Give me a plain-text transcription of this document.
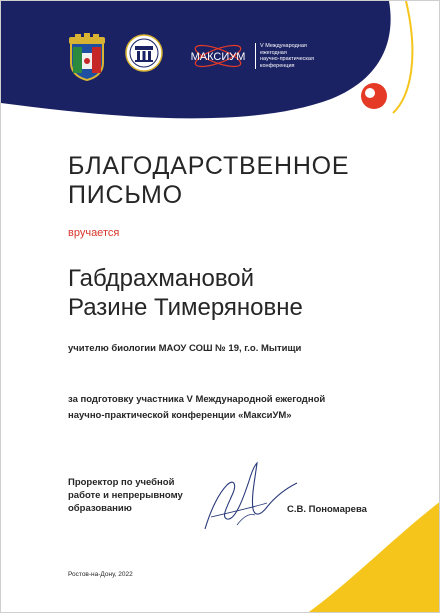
МАКСИУМ
V Международная
ежегодная
научно-практическая
конференция
БЛАГОДАРСТВЕННОЕ
ПИСЬМО
вручается
Габдрахмановой
Разине Тимеряновне
учителю биологии МАОУ СОШ № 19, г.о. Мытищи
за подготовку участника V Международной ежегодной
научно-практической конференции «МаксиУМ»
Проректор по учебной
работе и непрерывному
образованию	С.В. Пономарева
Ростов-на-Дону, 2022
